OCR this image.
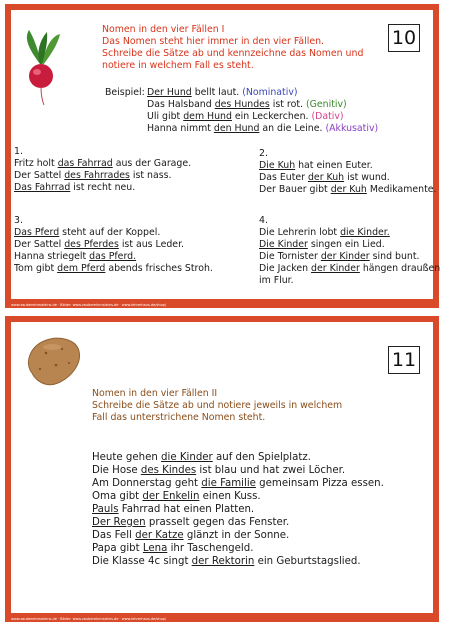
10
Nomen in den vier Fällen I
Das Nomen steht hier immer in den vier Fällen.
Schreibe die Sätze ab und kennzeichne das Nomen und
notiere in welchem Fall es steht.
Beispiel: Der Hund bellt laut. (Nominativ)
Das Halsband des Hundes ist rot. (Genitiv)
Uli gibt dem Hund ein Leckerchen. (Dativ)
Hanna nimmt den Hund an die Leine. (Akkusativ)
1.
Fritz holt das Fahrrad aus der Garage.
Der Sattel des Fahrrades ist nass.
Das Fahrrad ist recht neu.
2.
Die Kuh hat einen Euter.
Das Euter der Kuh ist wund.
Der Bauer gibt der Kuh Medikamente.
3.
Das Pferd steht auf der Koppel.
Der Sattel des Pferdes ist aus Leder.
Hanna striegelt das Pferd.
Tom gibt dem Pferd abends frisches Stroh.
4.
Die Lehrerin lobt die Kinder.
Die Kinder singen ein Lied.
Die Tornister der Kinder sind bunt.
Die Jacken der Kinder hängen draußen
im Flur.
www.zaubereinmaleins.de · Bilder: www.zaubereinmaleins.de · www.lehrerhaus.de/shop/
11
Nomen in den vier Fällen II
Schreibe die Sätze ab und notiere jeweils in welchem
Fall das unterstrichene Nomen steht.
Heute gehen die Kinder auf den Spielplatz.
Die Hose des Kindes ist blau und hat zwei Löcher.
Am Donnerstag geht die Familie gemeinsam Pizza essen.
Oma gibt der Enkelin einen Kuss.
Pauls Fahrrad hat einen Platten.
Der Regen prasselt gegen das Fenster.
Das Fell der Katze glänzt in der Sonne.
Papa gibt Lena ihr Taschengeld.
Die Klasse 4c singt der Rektorin ein Geburtstagslied.
www.zaubereinmaleins.de · Bilder: www.zaubereinmaleins.de · www.lehrerhaus.de/shop/
